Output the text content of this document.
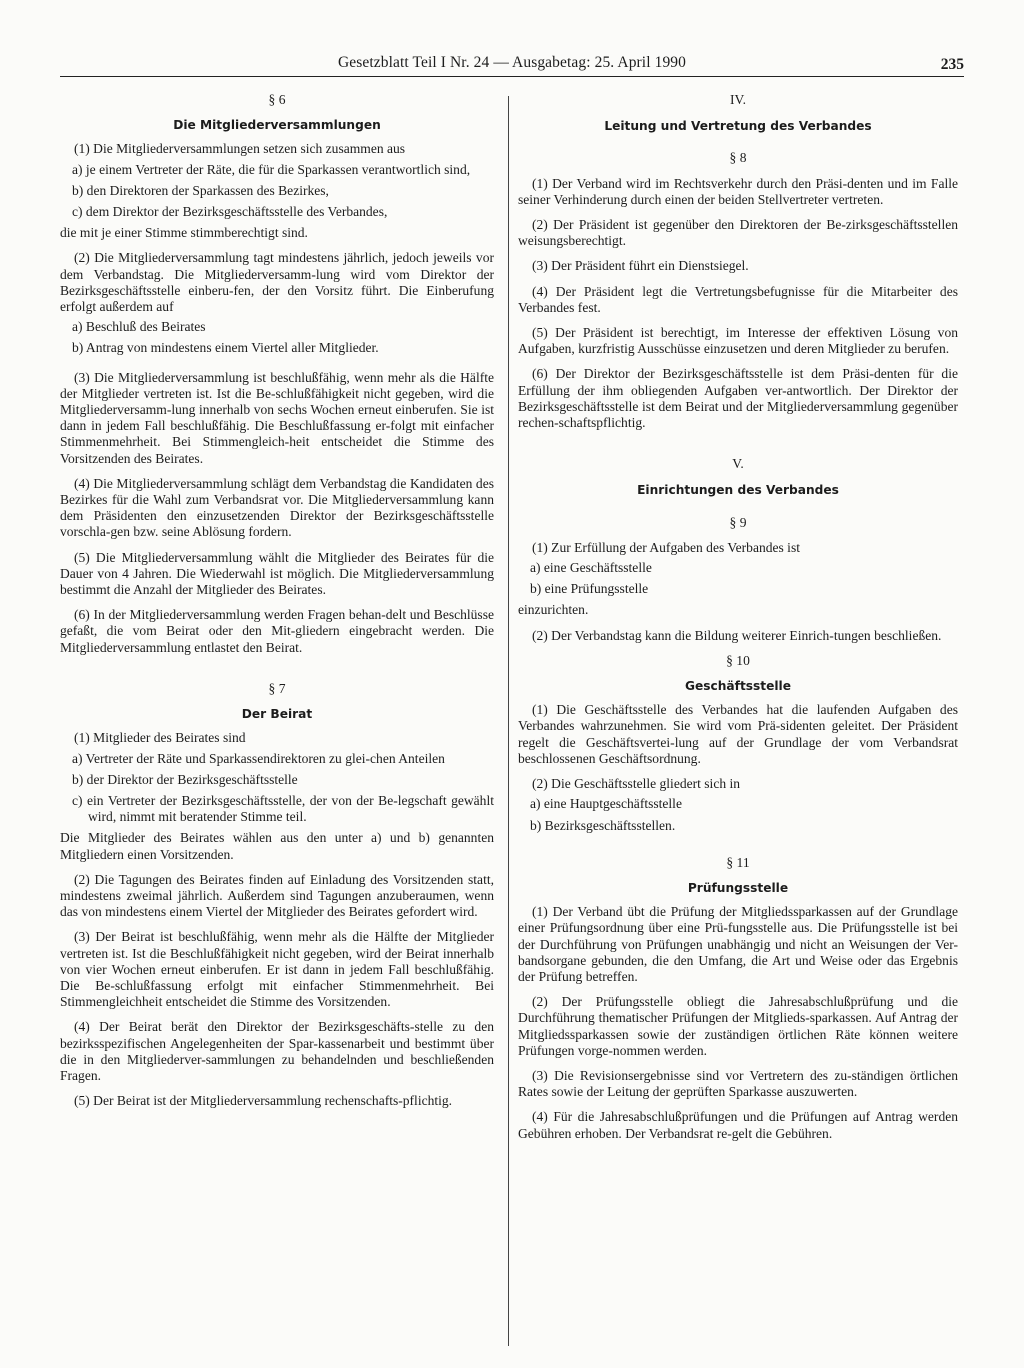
Gesetzblatt Teil I Nr. 24 — Ausgabetag: 25. April 1990	235

§ 6

Die Mitgliederversammlungen

(1) Die Mitgliederversammlungen setzen sich zusammen aus

a) je einem Vertreter der Räte, die für die Sparkassen verantwortlich sind,

b) den Direktoren der Sparkassen des Bezirkes,

c) dem Direktor der Bezirksgeschäftsstelle des Verbandes,

die mit je einer Stimme stimmberechtigt sind.

(2) Die Mitgliederversammlung tagt mindestens jährlich, jedoch jeweils vor dem Verbandstag. Die Mitgliederversamm-lung wird vom Direktor der Bezirksgeschäftsstelle einberu-fen, der den Vorsitz führt. Die Einberufung erfolgt außerdem auf

a) Beschluß des Beirates

b) Antrag von mindestens einem Viertel aller Mitglieder.

(3) Die Mitgliederversammlung ist beschlußfähig, wenn mehr als die Hälfte der Mitglieder vertreten ist. Ist die Be-schlußfähigkeit nicht gegeben, wird die Mitgliederversamm-lung innerhalb von sechs Wochen erneut einberufen. Sie ist dann in jedem Fall beschlußfähig. Die Beschlußfassung er-folgt mit einfacher Stimmenmehrheit. Bei Stimmengleich-heit entscheidet die Stimme des Vorsitzenden des Beirates.

(4) Die Mitgliederversammlung schlägt dem Verbandstag die Kandidaten des Bezirkes für die Wahl zum Verbandsrat vor. Die Mitgliederversammlung kann dem Präsidenten den einzusetzenden Direktor der Bezirksgeschäftsstelle vorschla-gen bzw. seine Ablösung fordern.

(5) Die Mitgliederversammlung wählt die Mitglieder des Beirates für die Dauer von 4 Jahren. Die Wiederwahl ist möglich. Die Mitgliederversammlung bestimmt die Anzahl der Mitglieder des Beirates.

(6) In der Mitgliederversammlung werden Fragen behan-delt und Beschlüsse gefaßt, die vom Beirat oder den Mit-gliedern eingebracht werden. Die Mitgliederversammlung entlastet den Beirat.

§ 7

Der Beirat

(1) Mitglieder des Beirates sind

a) Vertreter der Räte und Sparkassendirektoren zu glei-chen Anteilen

b) der Direktor der Bezirksgeschäftsstelle

c) ein Vertreter der Bezirksgeschäftsstelle, der von der Be-legschaft gewählt wird, nimmt mit beratender Stimme teil.

Die Mitglieder des Beirates wählen aus den unter a) und b) genannten Mitgliedern einen Vorsitzenden.

(2) Die Tagungen des Beirates finden auf Einladung des Vorsitzenden statt, mindestens zweimal jährlich. Außerdem sind Tagungen anzuberaumen, wenn das von mindestens einem Viertel der Mitglieder des Beirates gefordert wird.

(3) Der Beirat ist beschlußfähig, wenn mehr als die Hälfte der Mitglieder vertreten ist. Ist die Beschlußfähigkeit nicht gegeben, wird der Beirat innerhalb von vier Wochen erneut einberufen. Er ist dann in jedem Fall beschlußfähig. Die Be-schlußfassung erfolgt mit einfacher Stimmenmehrheit. Bei Stimmengleichheit entscheidet die Stimme des Vorsitzenden.

(4) Der Beirat berät den Direktor der Bezirksgeschäfts-stelle zu den bezirksspezifischen Angelegenheiten der Spar-kassenarbeit und bestimmt über die in den Mitgliederver-sammlungen zu behandelnden und beschließenden Fragen.

(5) Der Beirat ist der Mitgliederversammlung rechenschafts-pflichtig.

IV.

Leitung und Vertretung des Verbandes

§ 8

(1) Der Verband wird im Rechtsverkehr durch den Präsi-denten und im Falle seiner Verhinderung durch einen der beiden Stellvertreter vertreten.

(2) Der Präsident ist gegenüber den Direktoren der Be-zirksgeschäftsstellen weisungsberechtigt.

(3) Der Präsident führt ein Dienstsiegel.

(4) Der Präsident legt die Vertretungsbefugnisse für die Mitarbeiter des Verbandes fest.

(5) Der Präsident ist berechtigt, im Interesse der effektiven Lösung von Aufgaben, kurzfristig Ausschüsse einzusetzen und deren Mitglieder zu berufen.

(6) Der Direktor der Bezirksgeschäftsstelle ist dem Präsi-denten für die Erfüllung der ihm obliegenden Aufgaben ver-antwortlich. Der Direktor der Bezirksgeschäftsstelle ist dem Beirat und der Mitgliederversammlung gegenüber rechen-schaftspflichtig.

V.

Einrichtungen des Verbandes

§ 9

(1) Zur Erfüllung der Aufgaben des Verbandes ist

a) eine Geschäftsstelle

b) eine Prüfungsstelle

einzurichten.

(2) Der Verbandstag kann die Bildung weiterer Einrich-tungen beschließen.

§ 10

Geschäftsstelle

(1) Die Geschäftsstelle des Verbandes hat die laufenden Aufgaben des Verbandes wahrzunehmen. Sie wird vom Prä-sidenten geleitet. Der Präsident regelt die Geschäftsvertei-lung auf der Grundlage der vom Verbandsrat beschlossenen Geschäftsordnung.

(2) Die Geschäftsstelle gliedert sich in

a) eine Hauptgeschäftsstelle

b) Bezirksgeschäftsstellen.

§ 11

Prüfungsstelle

(1) Der Verband übt die Prüfung der Mitgliedssparkassen auf der Grundlage einer Prüfungsordnung über eine Prü-fungsstelle aus. Die Prüfungsstelle ist bei der Durchführung von Prüfungen unabhängig und nicht an Weisungen der Ver-bandsorgane gebunden, die den Umfang, die Art und Weise oder das Ergebnis der Prüfung betreffen.

(2) Der Prüfungsstelle obliegt die Jahresabschlußprüfung und die Durchführung thematischer Prüfungen der Mitglieds-sparkassen. Auf Antrag der Mitgliedssparkassen sowie der zuständigen örtlichen Räte können weitere Prüfungen vorge-nommen werden.

(3) Die Revisionsergebnisse sind vor Vertretern des zu-ständigen örtlichen Rates sowie der Leitung der geprüften Sparkasse auszuwerten.

(4) Für die Jahresabschlußprüfungen und die Prüfungen auf Antrag werden Gebühren erhoben. Der Verbandsrat re-gelt die Gebühren.
